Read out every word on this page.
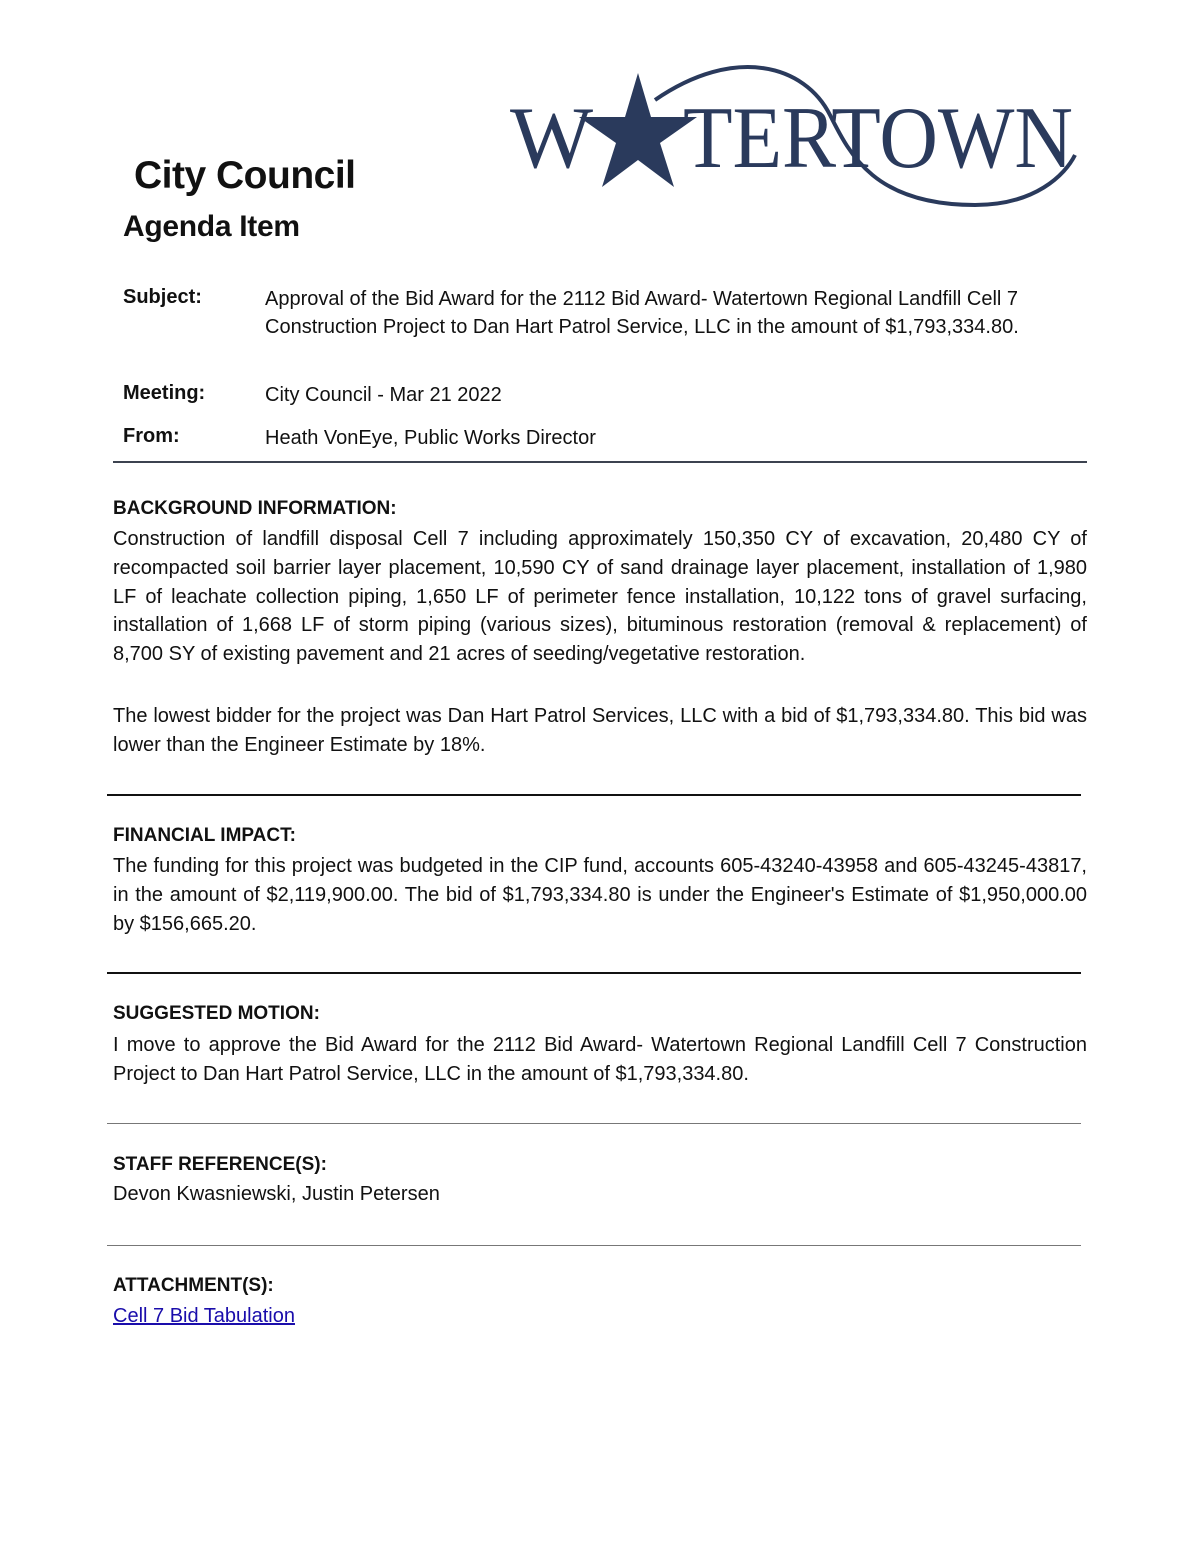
W TERTOWN
City Council
Agenda Item
Subject:	Approval of the Bid Award for the 2112 Bid Award- Watertown Regional Landfill Cell 7 Construction Project to Dan Hart Patrol Service, LLC in the amount of $1,793,334.80.
Meeting:	City Council - Mar 21 2022
From:	Heath VonEye, Public Works Director
BACKGROUND INFORMATION:
Construction of landfill disposal Cell 7 including approximately 150,350 CY of excavation, 20,480 CY of recompacted soil barrier layer placement, 10,590 CY of sand drainage layer placement, installation of 1,980 LF of leachate collection piping, 1,650 LF of perimeter fence installation, 10,122 tons of gravel surfacing, installation of 1,668 LF of storm piping (various sizes), bituminous restoration (removal & replacement) of 8,700 SY of existing pavement and 21 acres of seeding/vegetative restoration.
The lowest bidder for the project was Dan Hart Patrol Services, LLC with a bid of $1,793,334.80. This bid was lower than the Engineer Estimate by 18%.
FINANCIAL IMPACT:
The funding for this project was budgeted in the CIP fund, accounts 605-43240-43958 and 605-43245-43817, in the amount of $2,119,900.00. The bid of $1,793,334.80 is under the Engineer's Estimate of $1,950,000.00 by $156,665.20.
SUGGESTED MOTION:
I move to approve the Bid Award for the 2112 Bid Award- Watertown Regional Landfill Cell 7 Construction Project to Dan Hart Patrol Service, LLC in the amount of $1,793,334.80.
STAFF REFERENCE(S):
Devon Kwasniewski, Justin Petersen
ATTACHMENT(S):
Cell 7 Bid Tabulation
